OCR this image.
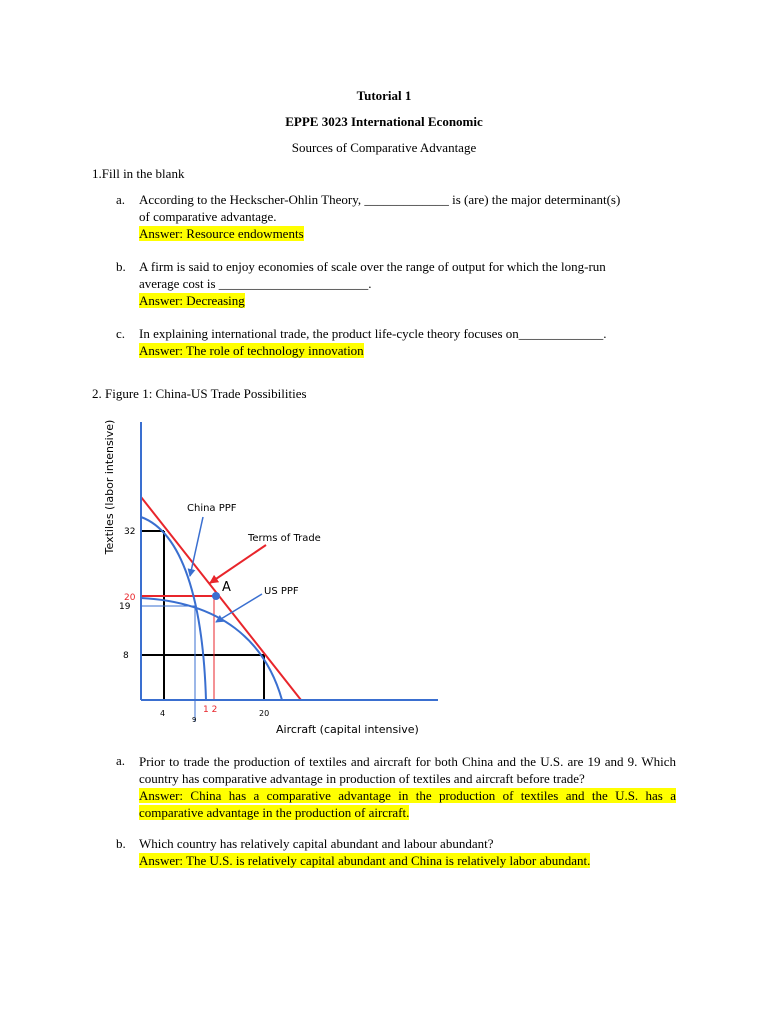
Tutorial 1
EPPE 3023 International Economic
Sources of Comparative Advantage
1.Fill in the blank
a. According to the Heckscher-Ohlin Theory, _____________ is (are) the major determinant(s)
of comparative advantage.
Answer: Resource endowments
b. A firm is said to enjoy economies of scale over the range of output for which the long-run
average cost is _______________________.
Answer: Decreasing
c. In explaining international trade, the product life-cycle theory focuses on_____________.
Answer: The role of technology innovation
2. Figure 1: China-US Trade Possibilities
Textiles (labor intensive)	China PPF
Terms of Trade
US PPF
A
32
20
19
8
4
9
1 2	20
Aircraft (capital intensive)
a. Prior to trade the production of textiles and aircraft for both China and the U.S. are 19 and 9. Which country has comparative advantage in production of textiles and aircraft before trade?
Answer: China has a comparative advantage in the production of textiles and the U.S. has a comparative advantage in the production of aircraft.
b. Which country has relatively capital abundant and labour abundant?
Answer: The U.S. is relatively capital abundant and China is relatively labor abundant.
